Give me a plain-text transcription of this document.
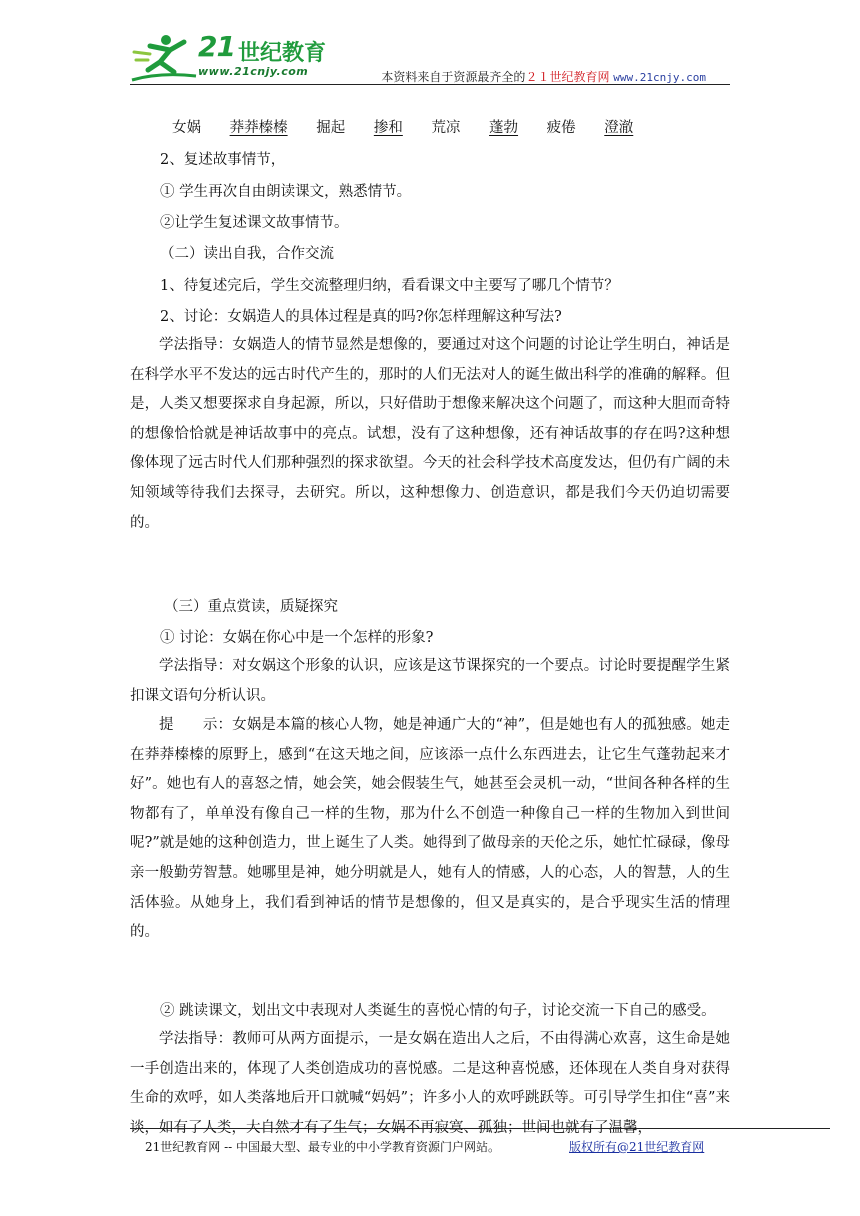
21 世纪教育
www.21cnjy.com	本资料来自于资源最齐全的２１世纪教育网 www.21cnjy.com
女娲 莽莽榛榛 掘起 掺和 荒凉 蓬勃 疲倦 澄澈
2、复述故事情节，
① 学生再次自由朗读课文，熟悉情节。
②让学生复述课文故事情节。
（二）读出自我，合作交流
1、待复述完后，学生交流整理归纳，看看课文中主要写了哪几个情节？
2、讨论：女娲造人的具体过程是真的吗?你怎样理解这种写法?
学法指导：女娲造人的情节显然是想像的，要通过对这个问题的讨论让学生明白，神话是在科学水平不发达的远古时代产生的，那时的人们无法对人的诞生做出科学的准确的解释。但是，人类又想要探求自身起源，所以，只好借助于想像来解决这个问题了，而这种大胆而奇特的想像恰恰就是神话故事中的亮点。试想，没有了这种想像，还有神话故事的存在吗?这种想像体现了远古时代人们那种强烈的探求欲望。今天的社会科学技术高度发达，但仍有广阔的未知领域等待我们去探寻，去研究。所以，这种想像力、创造意识，都是我们今天仍迫切需要的。
（三）重点赏读，质疑探究
① 讨论：女娲在你心中是一个怎样的形象?
学法指导：对女娲这个形象的认识，应该是这节课探究的一个要点。讨论时要提醒学生紧扣课文语句分析认识。
提　　示：女娲是本篇的核心人物，她是神通广大的“神”，但是她也有人的孤独感。她走在莽莽榛榛的原野上，感到“在这天地之间，应该添一点什么东西进去，让它生气蓬勃起来才好”。她也有人的喜怒之情，她会笑，她会假装生气，她甚至会灵机一动，“世间各种各样的生物都有了，单单没有像自己一样的生物，那为什么不创造一种像自己一样的生物加入到世间呢?”就是她的这种创造力，世上诞生了人类。她得到了做母亲的天伦之乐，她忙忙碌碌，像母亲一般勤劳智慧。她哪里是神，她分明就是人，她有人的情感，人的心态，人的智慧，人的生活体验。从她身上，我们看到神话的情节是想像的，但又是真实的，是合乎现实生活的情理的。
② 跳读课文，划出文中表现对人类诞生的喜悦心情的句子，讨论交流一下自己的感受。
学法指导：教师可从两方面提示，一是女娲在造出人之后，不由得满心欢喜，这生命是她一手创造出来的，体现了人类创造成功的喜悦感。二是这种喜悦感，还体现在人类自身对获得生命的欢呼，如人类落地后开口就喊“妈妈”；许多小人的欢呼跳跃等。可引导学生扣住“喜”来谈，如有了人类，大自然才有了生气；女娲不再寂寞、孤独；世间也就有了温馨，
21世纪教育网 -- 中国最大型、最专业的中小学教育资源门户网站。	版权所有@21世纪教育网
